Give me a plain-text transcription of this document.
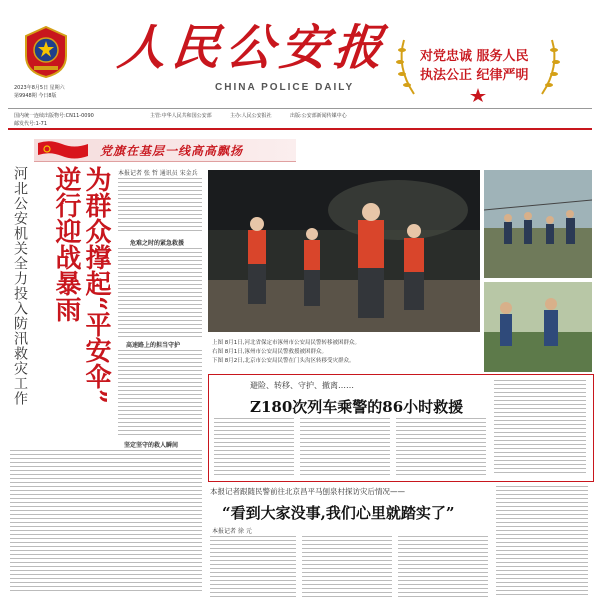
人民公安报
CHINA POLICE DAILY
对党忠诚 服务人民
执法公正 纪律严明
2023年8月5日 星期六
第9948期 今日8版
国内统一连续出版物号:CN11-0090
邮发代号:1-71
主管:中华人民共和国公安部	主办:人民公安报社	出版:公安部新闻传媒中心
党旗在基层一线高高飘扬
河北公安机关全力投入防汛救灾工作 逆行迎战暴雨 为群众撑起“平安伞”	本报记者 张 哲 通讯员 宋金兵
危难之时的紧急救援
高速路上的担当守护
坚定坚守的救人瞬间
上图 8月1日,河北省保定市涿州市公安局民警转移被困群众。
右图 8月1日,涿州市公安局民警救援被困群众。
下图 8月2日,北京市公安局民警在门头沟区转移受灾群众。
避险、转移、守护、撤离……
Z180次列车乘警的86小时救援
本报记者跟随民警前往北京昌平马刨泉村探访灾后情况——
“看到大家没事,我们心里就踏实了”
本报记者 徐 元
